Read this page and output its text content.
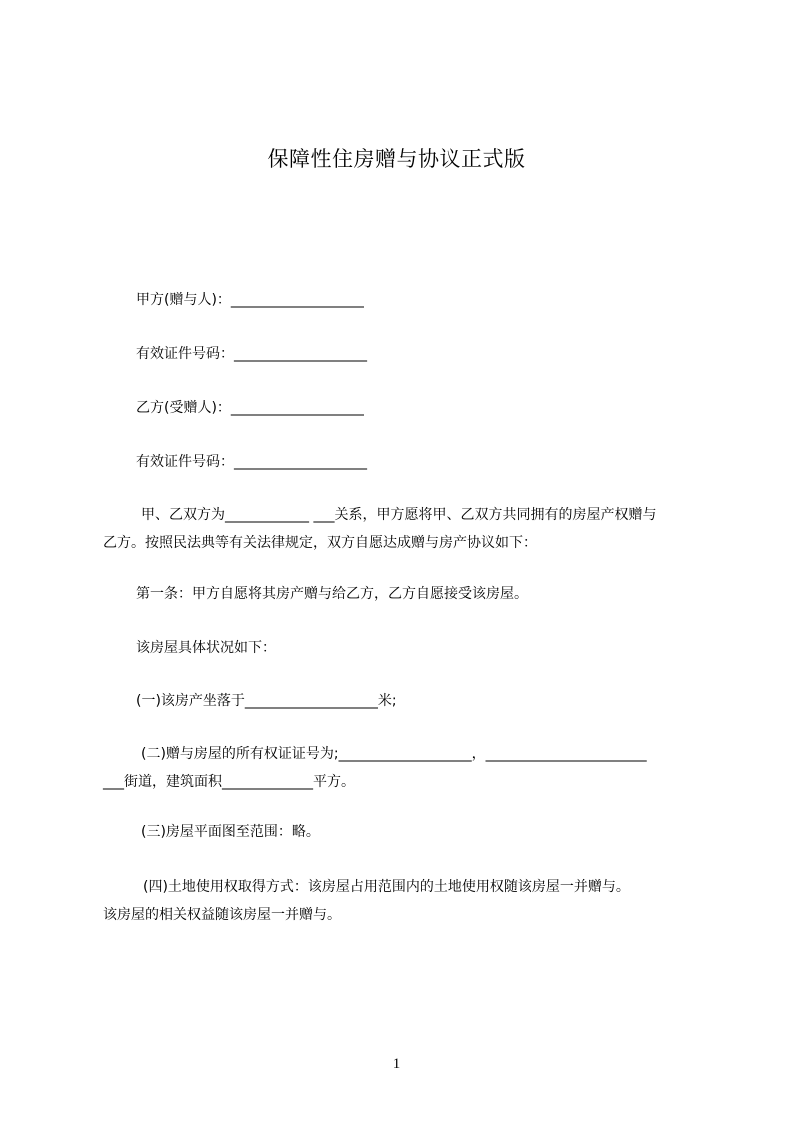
保障性住房赠与协议正式版
甲方(赠与人)：___________________
有效证件号码：___________________
乙方(受赠人)：___________________
有效证件号码：___________________
甲、乙双方为____________ ___关系，甲方愿将甲、乙双方共同拥有的房屋产权赠与
乙方。按照民法典等有关法律规定，双方自愿达成赠与房产协议如下：
第一条：甲方自愿将其房产赠与给乙方，乙方自愿接受该房屋。
该房屋具体状况如下：
(一)该房产坐落于___________________米;
(二)赠与房屋的所有权证证号为;___________________，_______________________
___街道，建筑面积_____________平方。
(三)房屋平面图至范围：略。
(四)土地使用权取得方式：该房屋占用范围内的土地使用权随该房屋一并赠与。
该房屋的相关权益随该房屋一并赠与。
1
